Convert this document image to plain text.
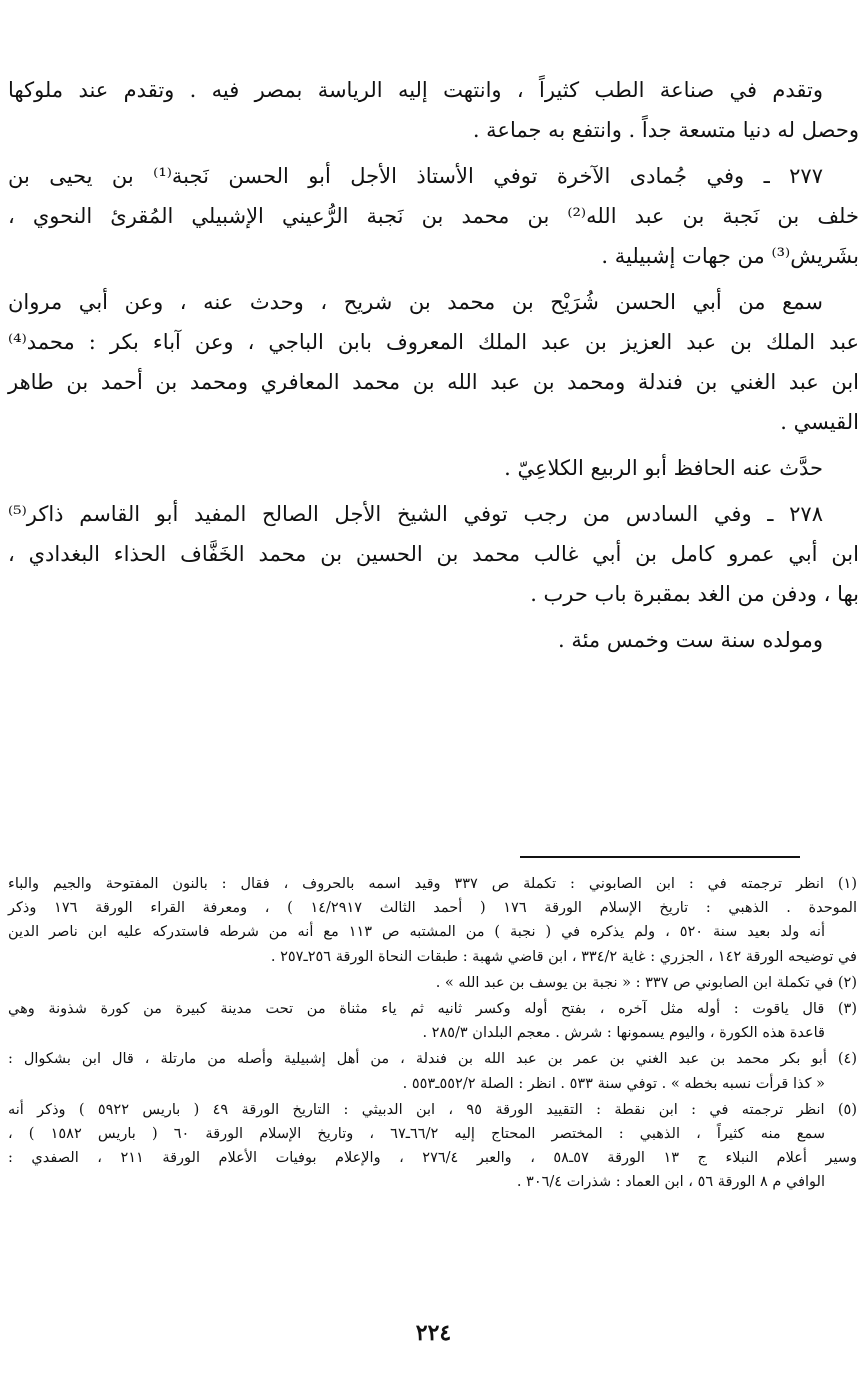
وتقدم في صناعة الطب كثيراً ، وانتهت إليه الرياسة بمصر فيه . وتقدم عند ملوكها
وحصل له دنيا متسعة جداً . وانتفع به جماعة .
٢٧٧ ـ وفي جُمادى الآخرة توفي الأستاذ الأجل أبو الحسن نَجبة⁽¹⁾ بن يحيى بن
خلف بن نَجبة بن عبد الله⁽²⁾ بن محمد بن نَجبة الرُّعيني الإشبيلي المُقرئ النحوي ،
بشَريش⁽³⁾ من جهات إشبيلية .
سمع من أبي الحسن شُرَيْح بن محمد بن شريح ، وحدث عنه ، وعن أبي مروان
عبد الملك بن عبد العزيز بن عبد الملك المعروف بابن الباجي ، وعن آباء بكر : محمد⁽⁴⁾
ابن عبد الغني بن فندلة ومحمد بن عبد الله بن محمد المعافري ومحمد بن أحمد بن طاهر
القيسي .
حدَّث عنه الحافظ أبو الربيع الكلاعِيّ .
٢٧٨ ـ وفي السادس من رجب توفي الشيخ الأجل الصالح المفيد أبو القاسم ذاكر⁽⁵⁾
ابن أبي عمرو كامل بن أبي غالب محمد بن الحسين بن محمد الخَفَّاف الحذاء البغدادي ،
بها ، ودفن من الغد بمقبرة باب حرب .
ومولده سنة ست وخمس مئة .
(١) انظر ترجمته في : ابن الصابوني : تكملة ص ٣٣٧ وقيد اسمه بالحروف ، فقال : بالنون المفتوحة والجيم والباء
الموحدة . الذهبي : تاريخ الإسلام الورقة ١٧٦ ( أحمد الثالث ١٤/٢٩١٧ ) ، ومعرفة القراء الورقة ١٧٦ وذكر
أنه ولد بعيد سنة ٥٢٠ ، ولم يذكره في ( نجبة ) من المشتبه ص ١١٣ مع أنه من شرطه فاستدركه عليه ابن ناصر الدين
في توضيحه الورقة ١٤٢ ، الجزري : غاية ٣٣٤/٢ ، ابن قاضي شهبة : طبقات النحاة الورقة ٢٥٦ـ٢٥٧ .
(٢) في تكملة ابن الصابوني ص ٣٣٧ : « نجبة بن يوسف بن عبد الله » .
(٣) قال ياقوت : أوله مثل آخره ، بفتح أوله وكسر ثانيه ثم ياء مثناة من تحت مدينة كبيرة من كورة شذونة وهي
قاعدة هذه الكورة ، واليوم يسمونها : شرش . معجم البلدان ٢٨٥/٣ .
(٤) أبو بكر محمد بن عبد الغني بن عمر بن عبد الله بن فندلة ، من أهل إشبيلية وأصله من مارتلة ، قال ابن بشكوال :
« كذا قرأت نسبه بخطه » . توفي سنة ٥٣٣ . انظر : الصلة ٥٥٢/٢ـ٥٥٣ .
(٥) انظر ترجمته في : ابن نقطة : التقييد الورقة ٩٥ ، ابن الدبيثي : التاريخ الورقة ٤٩ ( باريس ٥٩٢٢ ) وذكر أنه
سمع منه كثيراً ، الذهبي : المختصر المحتاج إليه ٦٦/٢ـ٦٧ ، وتاريخ الإسلام الورقة ٦٠ ( باريس ١٥٨٢ ) ،
وسير أعلام النبلاء ج ١٣ الورقة ٥٧ـ٥٨ ، والعبر ٢٧٦/٤ ، والإعلام بوفيات الأعلام الورقة ٢١١ ، الصفدي :
الوافي م ٨ الورقة ٥٦ ، ابن العماد : شذرات ٣٠٦/٤ .
٢٢٤
